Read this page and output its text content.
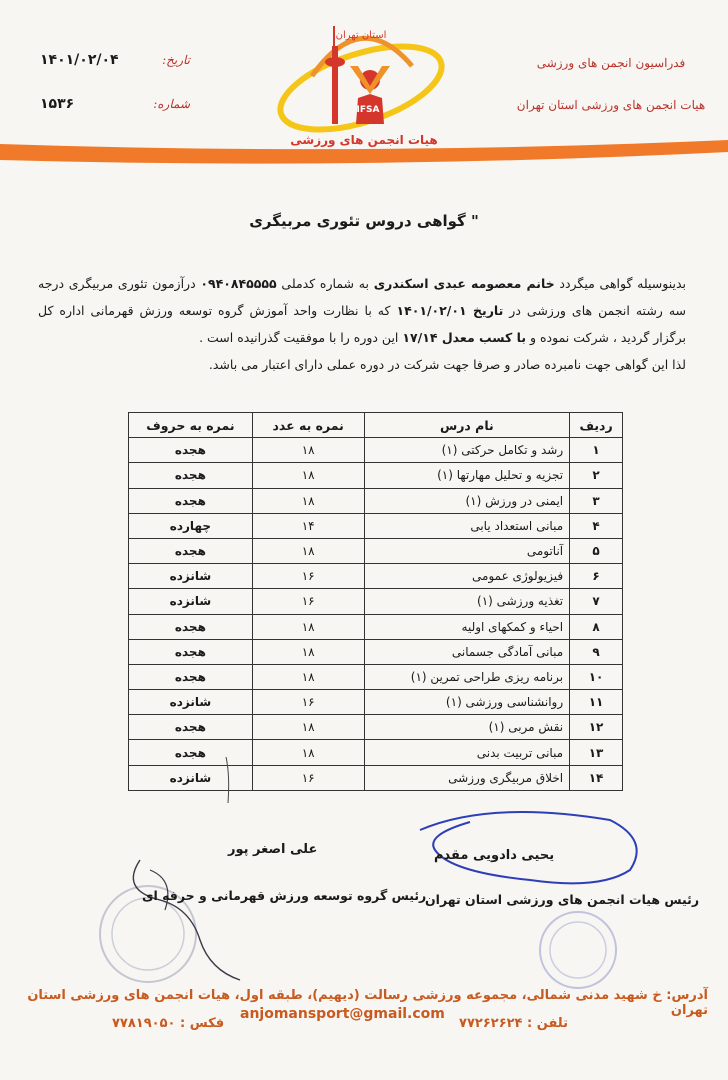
فدراسیون انجمن های ورزشی
هیات انجمن های ورزشی استان تهران
تاریخ:
۱۴۰۱/۰۲/۰۴
شماره:
۱۵۳۶
استان تهران
IFSA
هیات انجمن های ورزشی
" گواهی دروس تئوری مربیگری
بدینوسیله گواهی میگردد خانم معصومه عبدی اسکندری به شماره کدملی ۰۹۴۰۸۴۵۵۵۵ درآزمون تئوری مربیگری درجه سه رشته انجمن های ورزشی در تاریخ ۱۴۰۱/۰۲/۰۱ که با نظارت واحد آموزش گروه توسعه ورزش قهرمانی اداره کل برگزار گردید ، شرکت نموده و با کسب معدل ۱۷/۱۴ این دوره را با موفقیت گذرانیده است .
لذا این گواهی جهت نامبرده صادر و صرفا جهت شرکت در دوره عملی دارای اعتبار می باشد.
ردیف	نام درس	نمره به عدد	نمره به حروف
۱	رشد و تکامل حرکتی (۱)	۱۸	هجده
۲	تجزیه و تحلیل مهارتها (۱)	۱۸	هجده
۳	ایمنی در ورزش (۱)	۱۸	هجده
۴	مبانی استعداد یابی	۱۴	چهارده
۵	آناتومی	۱۸	هجده
۶	فیزیولوژی عمومی	۱۶	شانزده
۷	تغذیه ورزشی (۱)	۱۶	شانزده
۸	احیاء و کمکهای اولیه	۱۸	هجده
۹	مبانی آمادگی جسمانی	۱۸	هجده
۱۰	برنامه ریزی طراحی تمرین (۱)	۱۸	هجده
۱۱	روانشناسی ورزشی (۱)	۱۶	شانزده
۱۲	نقش مربی (۱)	۱۸	هجده
۱۳	مبانی تربیت بدنی	۱۸	هجده
۱۴	اخلاق مربیگری ورزشی	۱۶	شانزده
علی اصغر پور
رئیس گروه توسعه ورزش قهرمانی و حرفه ای
یحیی دادویی مقدم
رئیس هیات انجمن های ورزشی استان تهران
آدرس: خ شهید مدنی شمالی، مجموعه ورزشی رسالت (دیهیم)، طبقه اول، هیات انجمن های ورزشی استان تهران
تلفن : ۷۷۲۶۲۶۲۴
anjomansport@gmail.com
فکس : ۷۷۸۱۹۰۵۰
